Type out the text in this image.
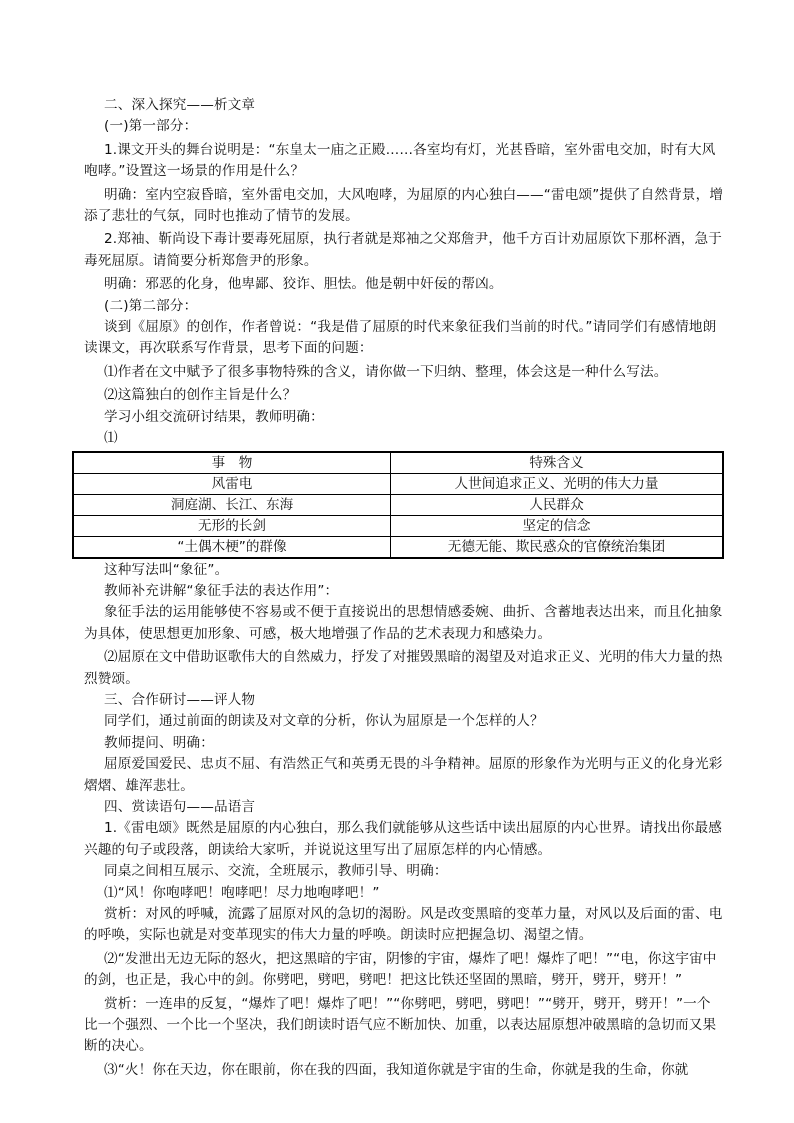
二、深入探究——析文章

(一)第一部分：

1.课文开头的舞台说明是：“东皇太一庙之正殿……各室均有灯，光甚昏暗，室外雷电交加，时有大风咆哮。”设置这一场景的作用是什么？

明确：室内空寂昏暗，室外雷电交加，大风咆哮，为屈原的内心独白——“雷电颂”提供了自然背景，增添了悲壮的气氛，同时也推动了情节的发展。

2.郑袖、靳尚设下毒计要毒死屈原，执行者就是郑袖之父郑詹尹，他千方百计劝屈原饮下那杯酒，急于毒死屈原。请简要分析郑詹尹的形象。

明确：邪恶的化身，他卑鄙、狡诈、胆怯。他是朝中奸佞的帮凶。

(二)第二部分：

谈到《屈原》的创作，作者曾说：“我是借了屈原的时代来象征我们当前的时代。”请同学们有感情地朗读课文，再次联系写作背景，思考下面的问题：

⑴作者在文中赋予了很多事物特殊的含义，请你做一下归纳、整理，体会这是一种什么写法。

⑵这篇独白的创作主旨是什么？

学习小组交流研讨结果，教师明确：

⑴

事　物	特殊含义
风雷电	人世间追求正义、光明的伟大力量
洞庭湖、长江、东海	人民群众
无形的长剑	坚定的信念
“土偶木梗”的群像	无德无能、欺民惑众的官僚统治集团

这种写法叫“象征”。

教师补充讲解“象征手法的表达作用”：

象征手法的运用能够使不容易或不便于直接说出的思想情感委婉、曲折、含蓄地表达出来，而且化抽象为具体，使思想更加形象、可感，极大地增强了作品的艺术表现力和感染力。

⑵屈原在文中借助讴歌伟大的自然威力，抒发了对摧毁黑暗的渴望及对追求正义、光明的伟大力量的热烈赞颂。

三、合作研讨——评人物

同学们，通过前面的朗读及对文章的分析，你认为屈原是一个怎样的人？

教师提问、明确：

屈原爱国爱民、忠贞不屈、有浩然正气和英勇无畏的斗争精神。屈原的形象作为光明与正义的化身光彩熠熠、雄浑悲壮。

四、赏读语句——品语言

1.《雷电颂》既然是屈原的内心独白，那么我们就能够从这些话中读出屈原的内心世界。请找出你最感兴趣的句子或段落，朗读给大家听，并说说这里写出了屈原怎样的内心情感。

同桌之间相互展示、交流，全班展示，教师引导、明确：

⑴“风！你咆哮吧！咆哮吧！尽力地咆哮吧！”

赏析：对风的呼喊，流露了屈原对风的急切的渴盼。风是改变黑暗的变革力量，对风以及后面的雷、电的呼唤，实际也就是对变革现实的伟大力量的呼唤。朗读时应把握急切、渴望之情。

⑵“发泄出无边无际的怒火，把这黑暗的宇宙，阴惨的宇宙，爆炸了吧！爆炸了吧！”“电，你这宇宙中的剑，也正是，我心中的剑。你劈吧，劈吧，劈吧！把这比铁还坚固的黑暗，劈开，劈开，劈开！”

赏析：一连串的反复，“爆炸了吧！爆炸了吧！”“你劈吧，劈吧，劈吧！”“劈开，劈开，劈开！”一个比一个强烈、一个比一个坚决，我们朗读时语气应不断加快、加重，以表达屈原想冲破黑暗的急切而又果断的决心。

⑶“火！你在天边，你在眼前，你在我的四面，我知道你就是宇宙的生命，你就是我的生命，你就
